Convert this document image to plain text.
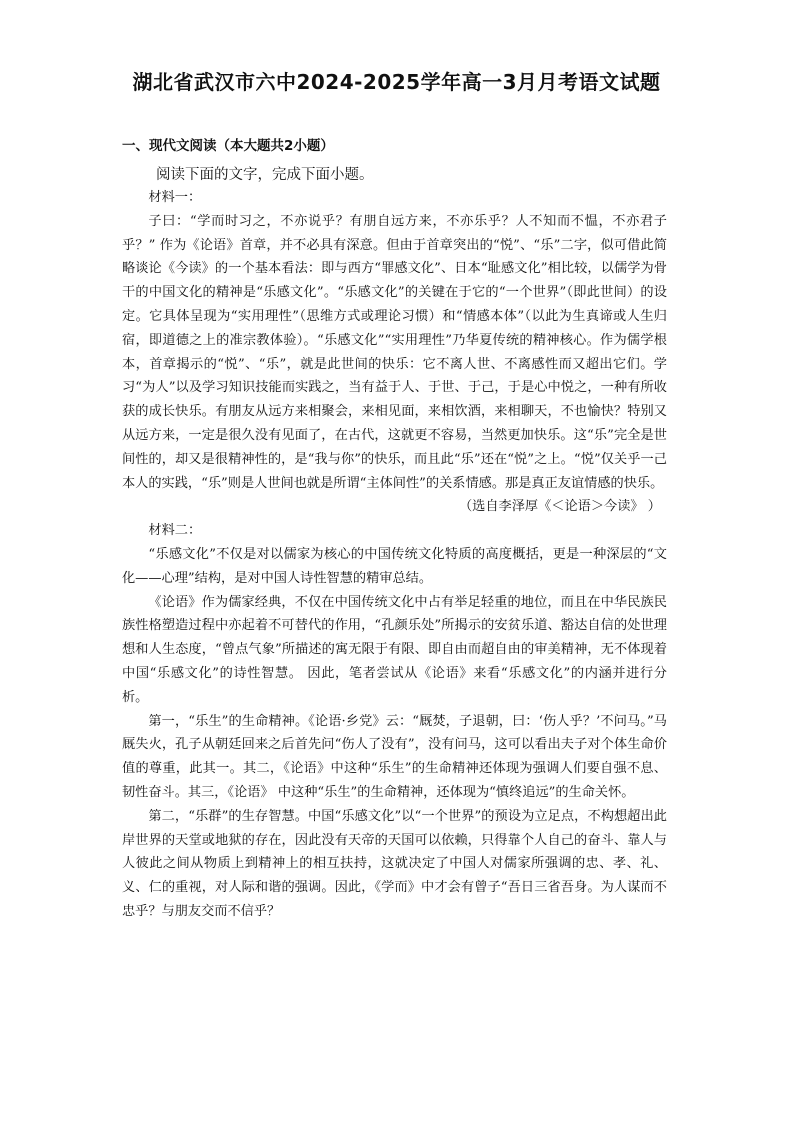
湖北省武汉市六中2024-2025学年高一3月月考语文试题
一、现代文阅读（本大题共2小题）
阅读下面的文字，完成下面小题。

材料一：

子曰：“学而时习之，不亦说乎？有朋自远方来，不亦乐乎？人不知而不愠，不亦君子乎？” 作为《论语》首章，并不必具有深意。但由于首章突出的“悦”、“乐”二字，似可借此简略谈论《今读》的一个基本看法：即与西方“罪感文化”、日本“耻感文化”相比较，以儒学为骨干的中国文化的精神是“乐感文化”。“乐感文化”的关键在于它的“一个世界”（即此世间）的设定。它具体呈现为“实用理性”（思维方式或理论习惯）和“情感本体”（以此为生真谛或人生归宿，即道德之上的准宗教体验）。“乐感文化”“实用理性”乃华夏传统的精神核心。作为儒学根本，首章揭示的“悦”、“乐”，就是此世间的快乐：它不离人世、不离感性而又超出它们。学习“为人”以及学习知识技能而实践之，当有益于人、于世、于己，于是心中悦之，一种有所收获的成长快乐。有朋友从远方来相聚会，来相见面，来相饮酒，来相聊天，不也愉快？特别又从远方来，一定是很久没有见面了，在古代，这就更不容易，当然更加快乐。这“乐”完全是世间性的，却又是很精神性的，是“我与你”的快乐，而且此“乐”还在“悦”之上。“悦”仅关乎一己本人的实践，“乐”则是人世间也就是所谓“主体间性”的关系情感。那是真正友谊情感的快乐。

（选自李泽厚《＜论语＞今读》 ）

材料二：

“乐感文化”不仅是对以儒家为核心的中国传统文化特质的高度概括，更是一种深层的“文化——心理”结构，是对中国人诗性智慧的精审总结。

《论语》作为儒家经典，不仅在中国传统文化中占有举足轻重的地位，而且在中华民族民族性格塑造过程中亦起着不可替代的作用，“孔颜乐处”所揭示的安贫乐道、豁达自信的处世理想和人生态度，“曾点气象”所描述的寓无限于有限、即自由而超自由的审美精神，无不体现着中国“乐感文化”的诗性智慧。 因此，笔者尝试从《论语》来看“乐感文化”的内涵并进行分析。

第一，“乐生”的生命精神。《论语·乡党》云：“厩焚，子退朝，曰：‘伤人乎？’不问马。”马厩失火，孔子从朝廷回来之后首先问“伤人了没有”，没有问马，这可以看出夫子对个体生命价值的尊重，此其一。其二，《论语》中这种“乐生”的生命精神还体现为强调人们要自强不息、韧性奋斗。其三，《论语》 中这种“乐生”的生命精神，还体现为“慎终追远”的生命关怀。

第二，“乐群”的生存智慧。中国“乐感文化”以“一个世界”的预设为立足点，不构想超出此岸世界的天堂或地狱的存在，因此没有天帝的天国可以依赖，只得靠个人自己的奋斗、靠人与人彼此之间从物质上到精神上的相互扶持，这就决定了中国人对儒家所强调的忠、孝、礼、义、仁的重视，对人际和谐的强调。因此，《学而》中才会有曾子“吾日三省吾身。为人谋而不忠乎？与朋友交而不信乎？
